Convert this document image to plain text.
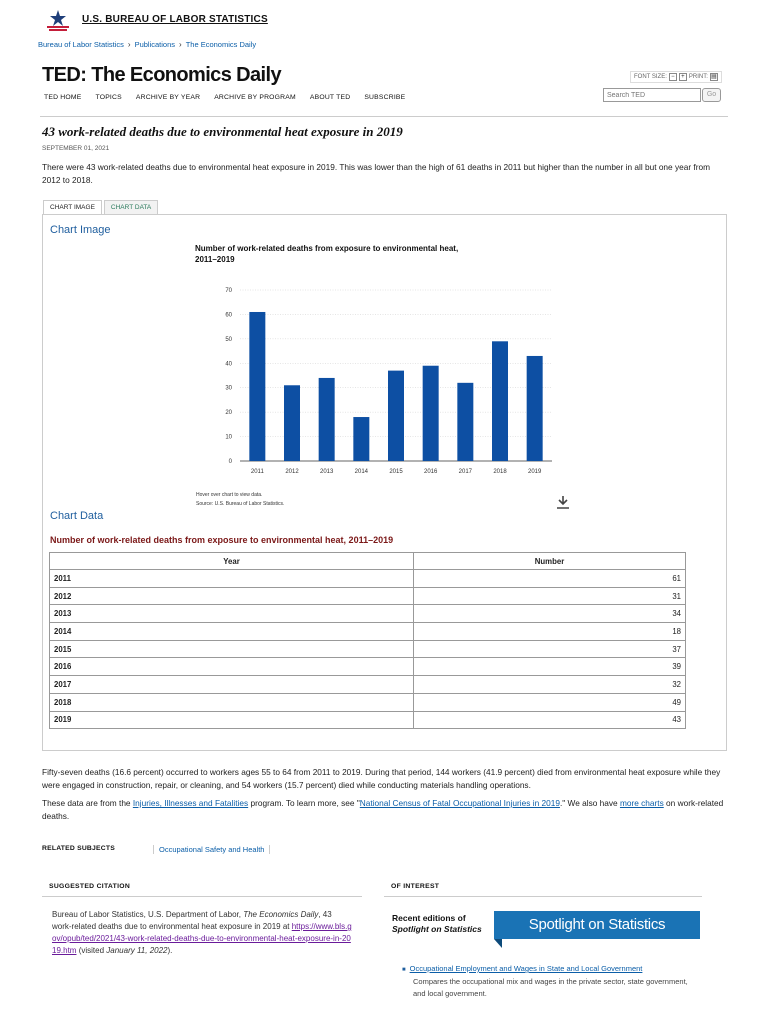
U.S. BUREAU OF LABOR STATISTICS
Bureau of Labor Statistics › Publications › The Economics Daily
TED: The Economics Daily
TED HOME TOPICS ARCHIVE BY YEAR ARCHIVE BY PROGRAM ABOUT TED SUBSCRIBE
FONT SIZE: −	+ PRINT: ▤
Search TED
Go
43 work-related deaths due to environmental heat exposure in 2019
SEPTEMBER 01, 2021
There were 43 work-related deaths due to environmental heat exposure in 2019. This was lower than the high of 61 deaths in 2011 but higher than the number in all but one year from 2012 to 2018.
CHART IMAGE	CHART DATA
Chart Image
Number of work-related deaths from exposure to environmental heat,
2011–2019
0
10
20
30
40
50
60
70
2011	2012	2013	2014	2015	2016	2017	2018	2019
Hover over chart to view data.
Source: U.S. Bureau of Labor Statistics.
Chart Data
Number of work-related deaths from exposure to environmental heat, 2011–2019
Year	Number
2011	61
2012	31
2013	34
2014	18
2015	37
2016	39
2017	32
2018	49
2019	43
Fifty-seven deaths (16.6 percent) occurred to workers ages 55 to 64 from 2011 to 2019. During that period, 144 workers (41.9 percent) died from environmental heat exposure while they were engaged in construction, repair, or cleaning, and 54 workers (15.7 percent) died while conducting materials handling operations.
These data are from the Injuries, Illnesses and Fatalities program. To learn more, see "National Census of Fatal Occupational Injuries in 2019." We also have more charts on work-related deaths.
RELATED SUBJECTS	Occupational Safety and Health
SUGGESTED CITATION
Bureau of Labor Statistics, U.S. Department of Labor, The Economics Daily, 43 work-related deaths due to environmental heat exposure in 2019 at https://www.bls.gov/opub/ted/2021/43-work-related-deaths-due-to-environmental-heat-exposure-in-2019.htm (visited January 11, 2022).
OF INTEREST
Recent editions of
Spotlight on Statistics	Spotlight on Statistics
■ Occupational Employment and Wages in State and Local Government
Compares the occupational mix and wages in the private sector, state government, and local government.
